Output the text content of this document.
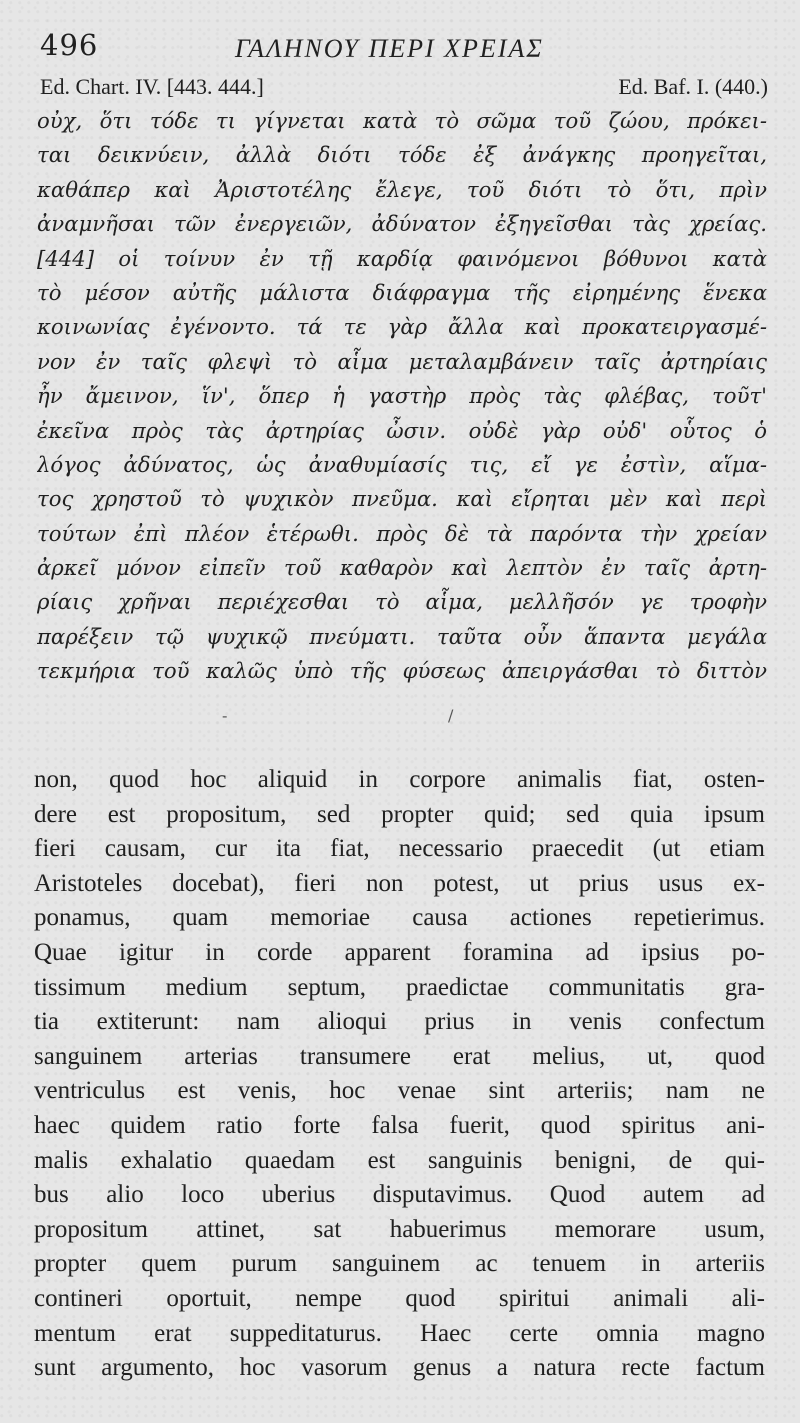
496	ΓΑΛΗΝΟΥ ΠΕΡΙ ΧΡΕΙΑΣ
Ed. Chart. IV. [443. 444.]	Ed. Baf. I. (440.)
οὐχ, ὅτι τόδε τι γίγνεται κατὰ τὸ σῶμα τοῦ ζώου, πρόκει-
ται δεικνύειν, ἀλλὰ διότι τόδε ἐξ ἀνάγκης προηγεῖται,
καθάπερ καὶ Ἀριστοτέλης ἔλεγε, τοῦ διότι τὸ ὅτι, πρὶν
ἀναμνῆσαι τῶν ἐνεργειῶν, ἀδύνατον ἐξηγεῖσθαι τὰς χρείας.
[444] οἱ τοίνυν ἐν τῇ καρδίᾳ φαινόμενοι βόθυνοι κατὰ
τὸ μέσον αὐτῆς μάλιστα διάφραγμα τῆς εἰρημένης ἕνεκα
κοινωνίας ἐγένοντο. τά τε γὰρ ἄλλα καὶ προκατειργασμέ-
νον ἐν ταῖς φλεψὶ τὸ αἷμα μεταλαμβάνειν ταῖς ἀρτηρίαις
ἦν ἄμεινον, ἵν', ὅπερ ἡ γαστὴρ πρὸς τὰς φλέβας, τοῦτ'
ἐκεῖνα πρὸς τὰς ἀρτηρίας ὦσιν. οὐδὲ γὰρ οὐδ' οὗτος ὁ
λόγος ἀδύνατος, ὡς ἀναθυμίασίς τις, εἴ γε ἐστὶν, αἵμα-
τος χρηστοῦ τὸ ψυχικὸν πνεῦμα. καὶ εἴρηται μὲν καὶ περὶ
τούτων ἐπὶ πλέον ἑτέρωθι. πρὸς δὲ τὰ παρόντα τὴν χρείαν
ἀρκεῖ μόνον εἰπεῖν τοῦ καθαρὸν καὶ λεπτὸν ἐν ταῖς ἀρτη-
ρίαις χρῆναι περιέχεσθαι τὸ αἷμα, μελλῆσόν γε τροφὴν
παρέξειν τῷ ψυχικῷ πνεύματι. ταῦτα οὖν ἅπαντα μεγάλα
τεκμήρια τοῦ καλῶς ὑπὸ τῆς φύσεως ἀπειργάσθαι τὸ διττὸν
-	/
non, quod hoc aliquid in corpore animalis fiat, osten-
dere est propositum, sed propter quid; sed quia ipsum
fieri causam, cur ita fiat, necessario praecedit (ut etiam
Aristoteles docebat), fieri non potest, ut prius usus ex-
ponamus, quam memoriae causa actiones repetierimus.
Quae igitur in corde apparent foramina ad ipsius po-
tissimum medium septum, praedictae communitatis gra-
tia extiterunt: nam alioqui prius in venis confectum
sanguinem arterias transumere erat melius, ut, quod
ventriculus est venis, hoc venae sint arteriis; nam ne
haec quidem ratio forte falsa fuerit, quod spiritus ani-
malis exhalatio quaedam est sanguinis benigni, de qui-
bus alio loco uberius disputavimus. Quod autem ad
propositum attinet, sat habuerimus memorare usum,
propter quem purum sanguinem ac tenuem in arteriis
contineri oportuit, nempe quod spiritui animali ali-
mentum erat suppeditaturus. Haec certe omnia magno
sunt argumento, hoc vasorum genus a natura recte factum
